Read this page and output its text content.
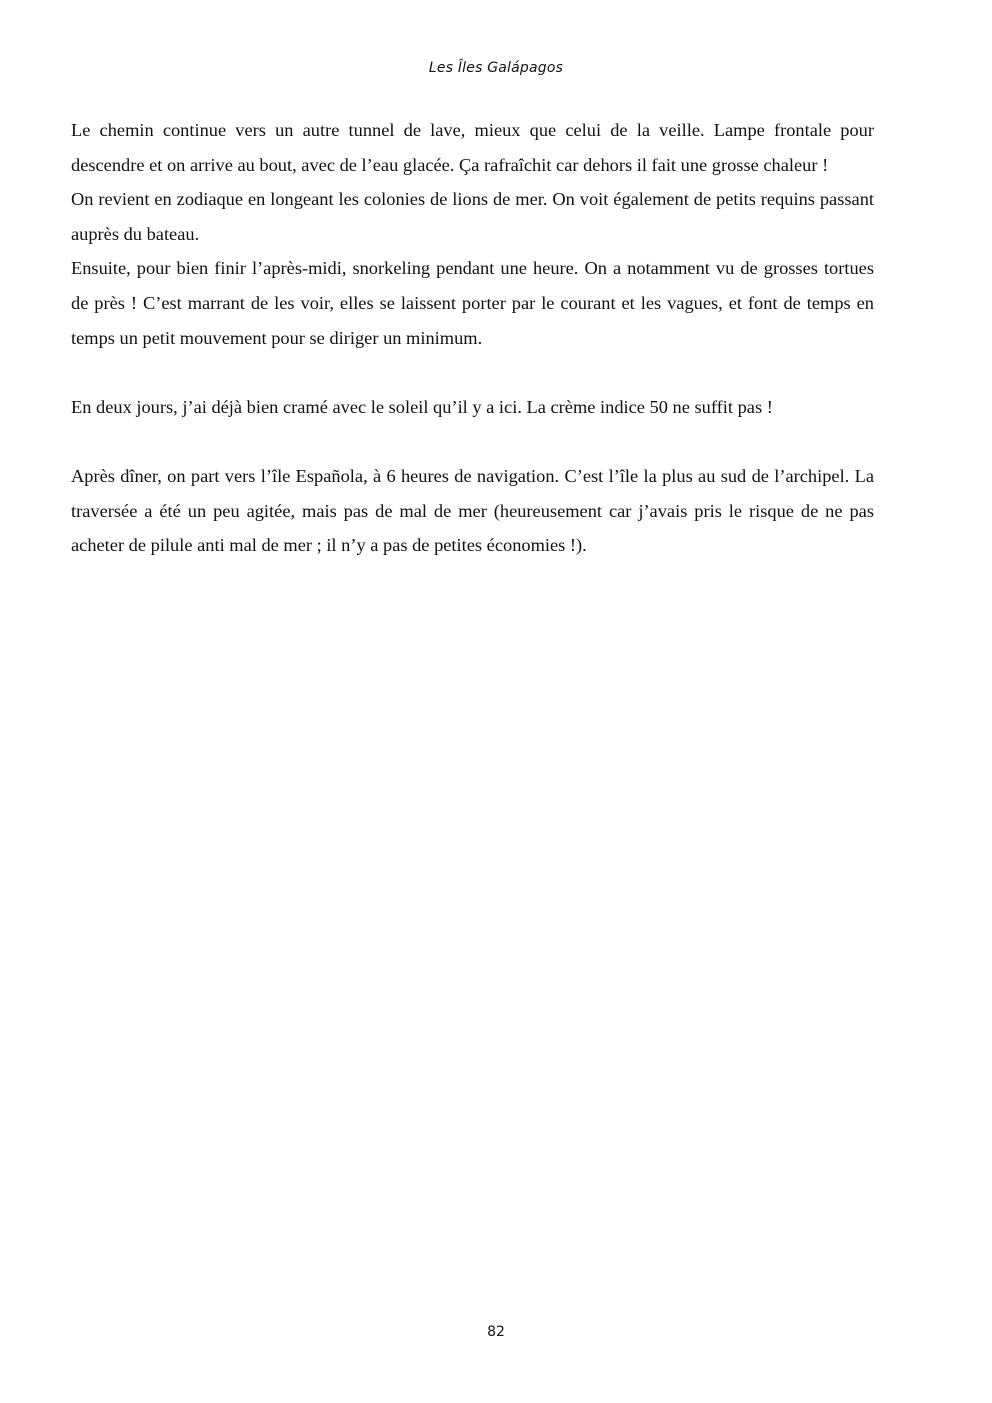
Les Îles Galápagos

Le chemin continue vers un autre tunnel de lave, mieux que celui de la veille. Lampe frontale pour descendre et on arrive au bout, avec de l’eau glacée. Ça rafraîchit car dehors il fait une grosse chaleur !

On revient en zodiaque en longeant les colonies de lions de mer. On voit également de petits requins passant auprès du bateau.

Ensuite, pour bien finir l’après-midi, snorkeling pendant une heure. On a notamment vu de grosses tortues de près ! C’est marrant de les voir, elles se laissent porter par le courant et les vagues, et font de temps en temps un petit mouvement pour se diriger un minimum.

En deux jours, j’ai déjà bien cramé avec le soleil qu’il y a ici. La crème indice 50 ne suffit pas !

Après dîner, on part vers l’île Española, à 6 heures de navigation. C’est l’île la plus au sud de l’archipel. La traversée a été un peu agitée, mais pas de mal de mer (heureusement car j’avais pris le risque de ne pas acheter de pilule anti mal de mer ; il n’y a pas de petites économies !).

82
